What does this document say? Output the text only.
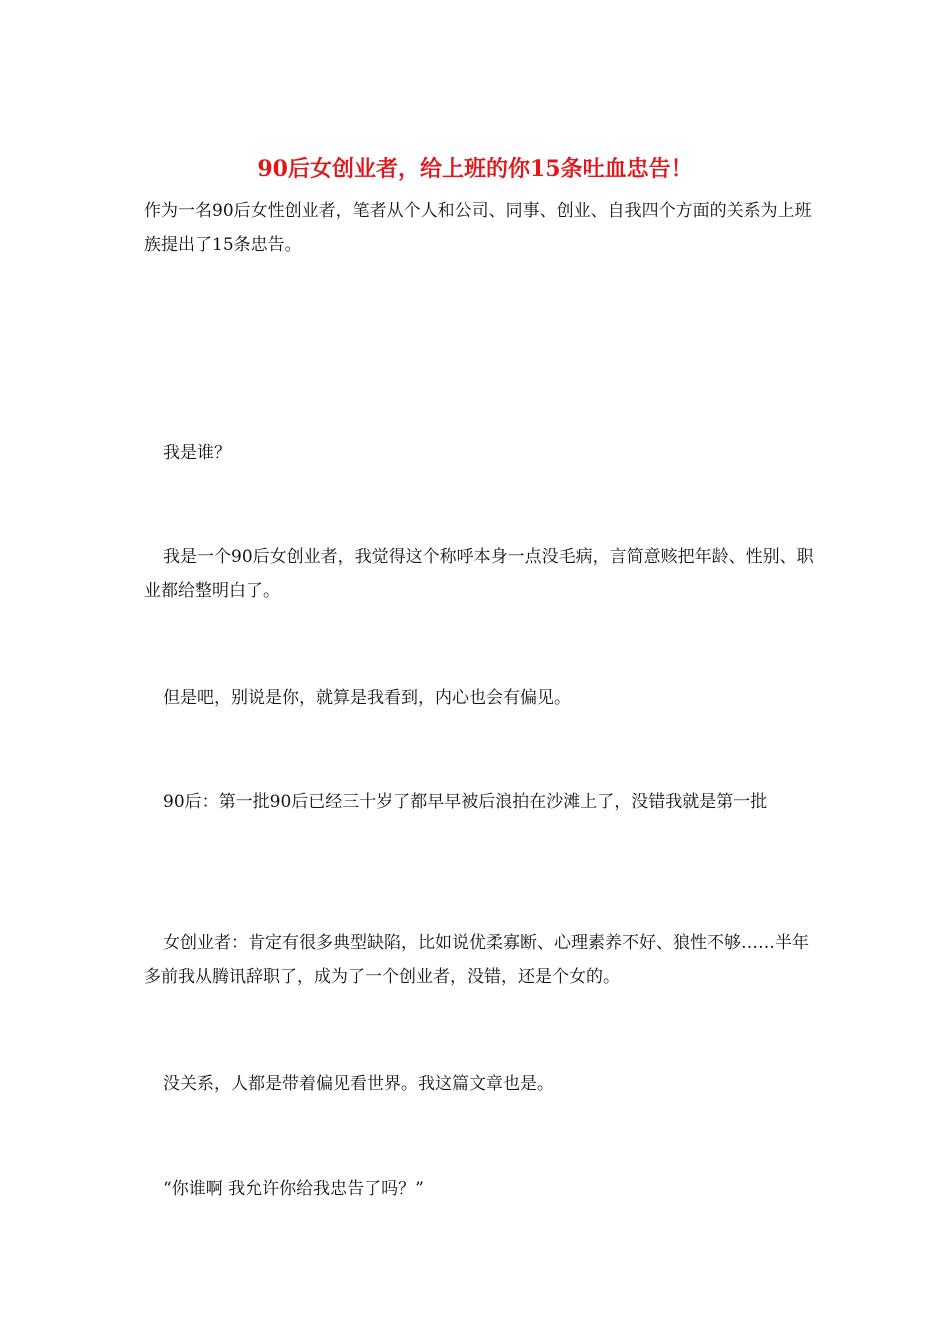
90后女创业者，给上班的你15条吐血忠告！

作为一名90后女性创业者，笔者从个人和公司、同事、创业、自我四个方面的关系为上班族提出了15条忠告。

我是谁？

我是一个90后女创业者，我觉得这个称呼本身一点没毛病，言简意赅把年龄、性别、职业都给整明白了。

但是吧，别说是你，就算是我看到，内心也会有偏见。

90后：第一批90后已经三十岁了都早早被后浪拍在沙滩上了，没错我就是第一批

女创业者：肯定有很多典型缺陷，比如说优柔寡断、心理素养不好、狼性不够……半年多前我从腾讯辞职了，成为了一个创业者，没错，还是个女的。

没关系，人都是带着偏见看世界。我这篇文章也是。

“你谁啊 我允许你给我忠告了吗？”
